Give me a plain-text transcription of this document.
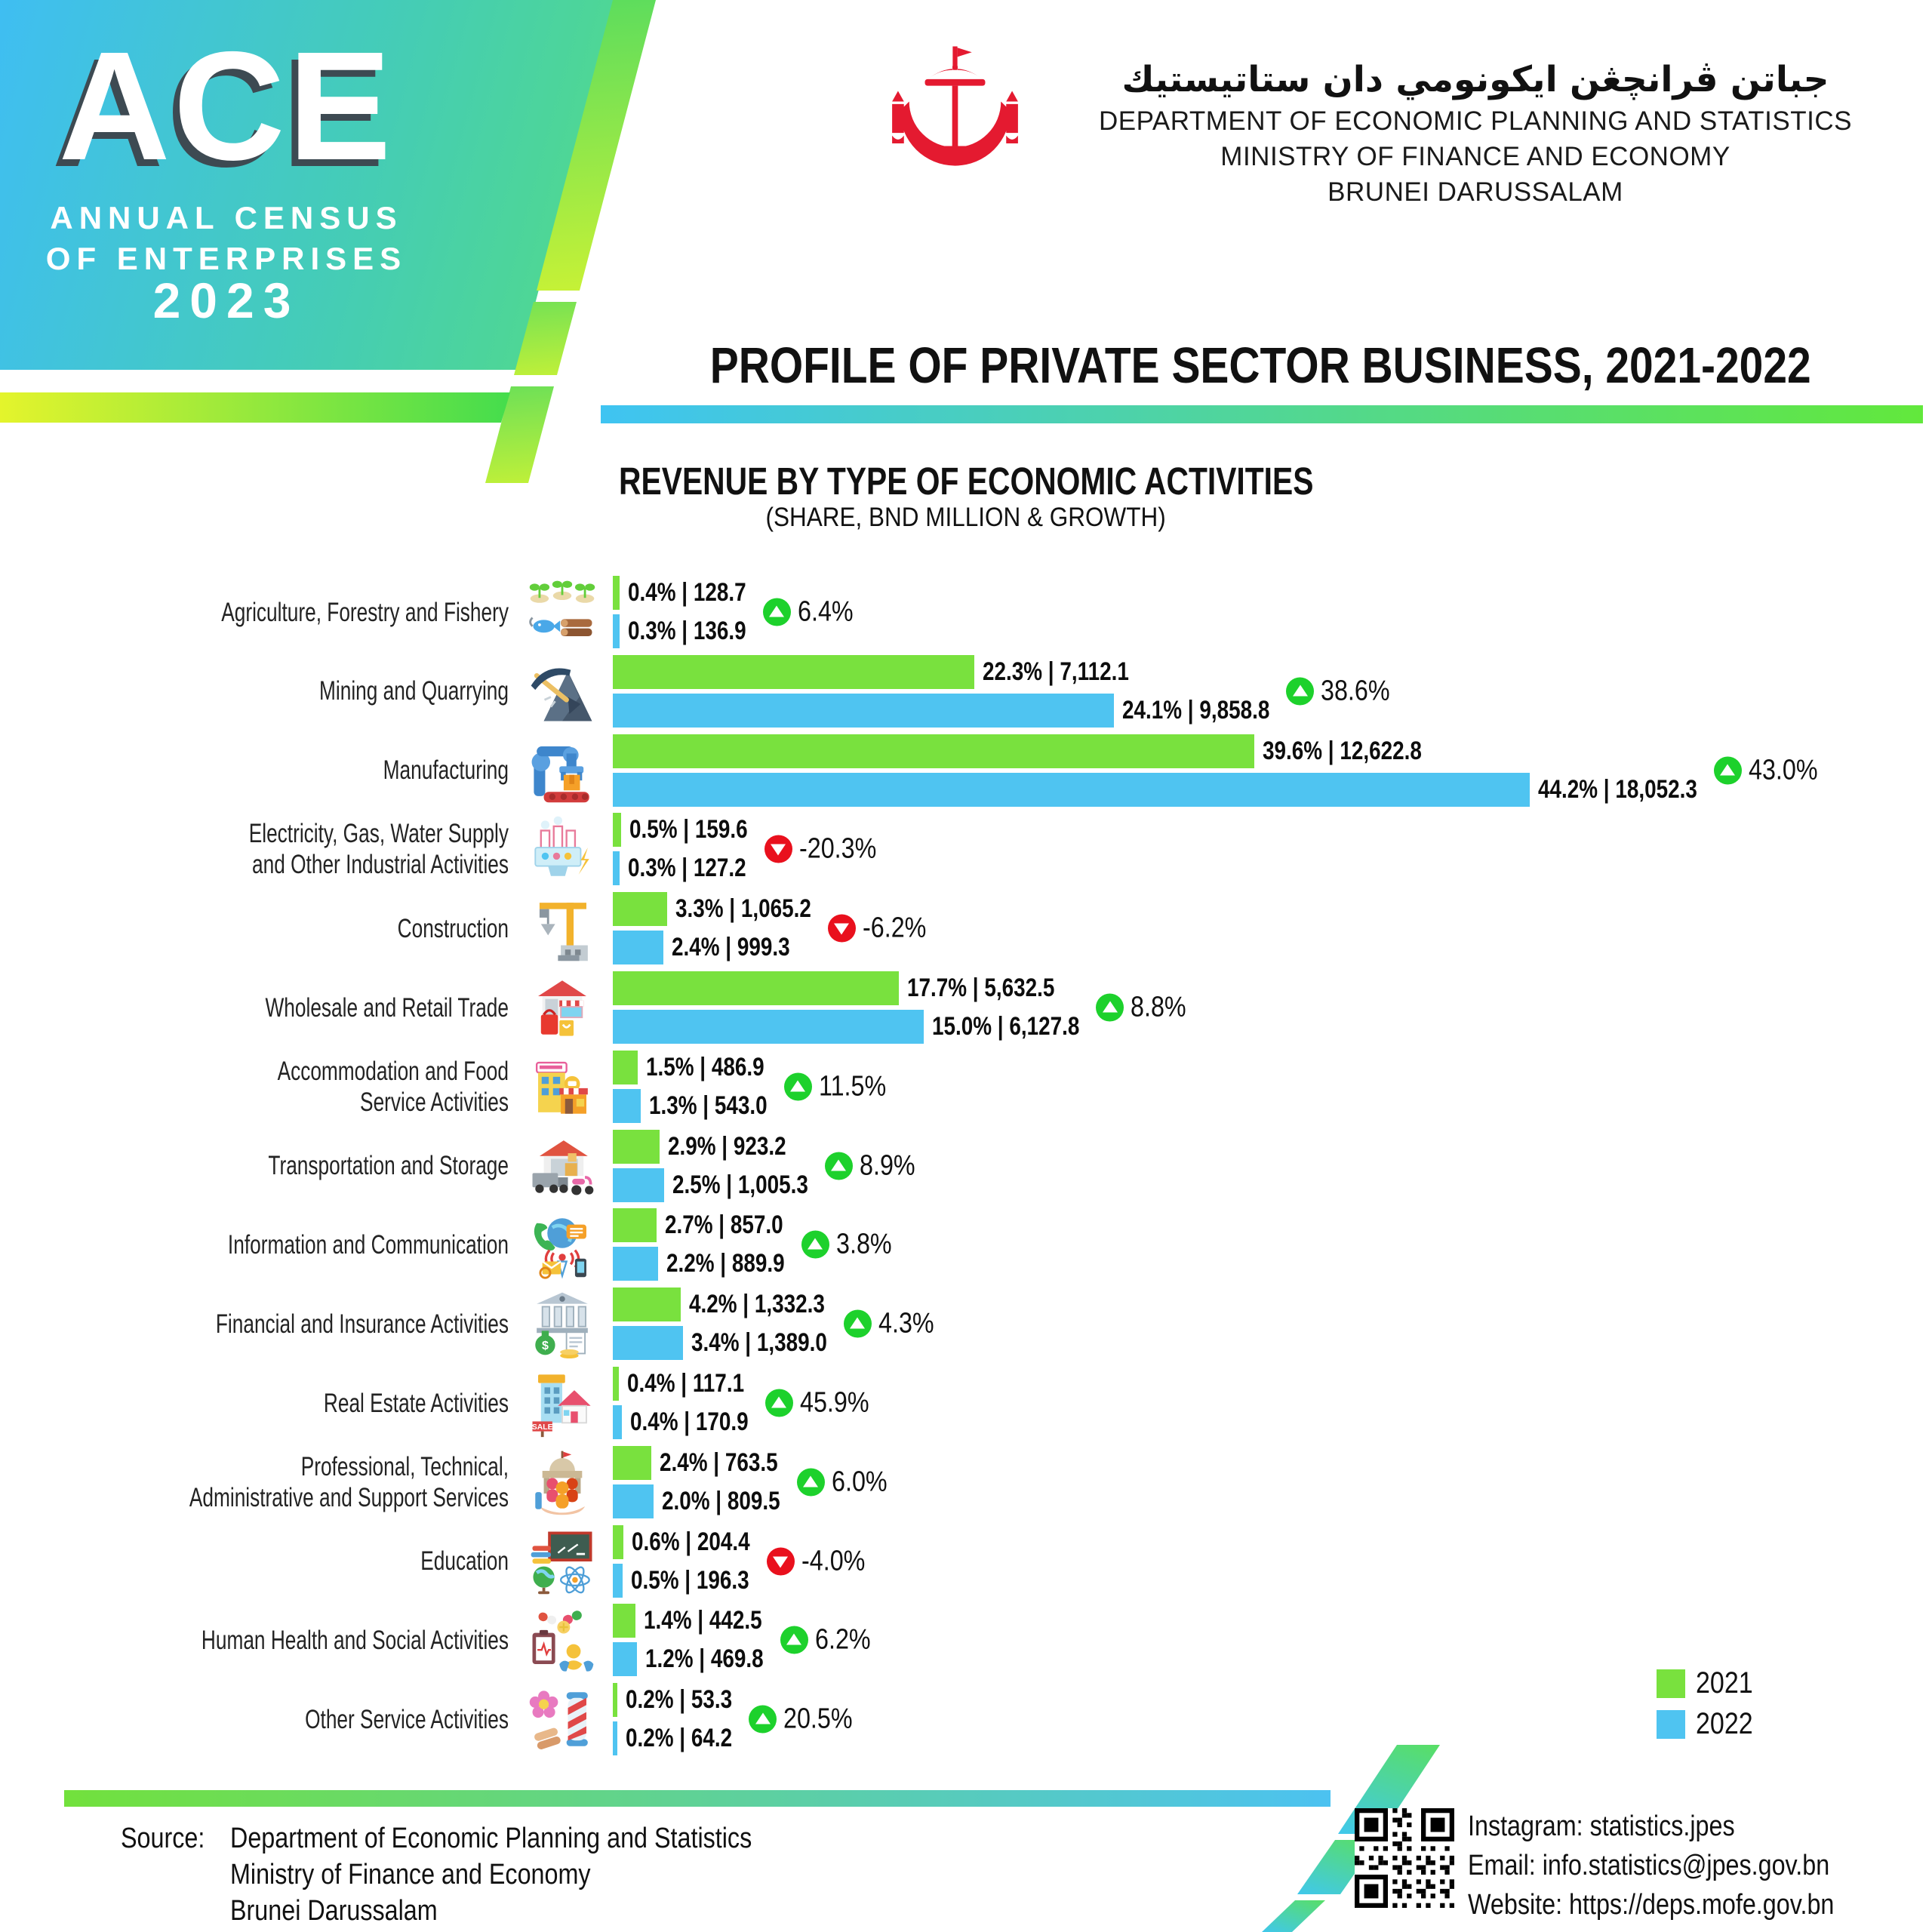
ACE
ANNUAL CENSUS
OF ENTERPRISES
2023
جباتن ڤرانچڠن ايكونومي دان ستاتيستيك
DEPARTMENT OF ECONOMIC PLANNING AND STATISTICS
MINISTRY OF FINANCE AND ECONOMY
BRUNEI DARUSSALAM
PROFILE OF PRIVATE SECTOR BUSINESS, 2021-2022
REVENUE BY TYPE OF ECONOMIC ACTIVITIES
(SHARE, BND MILLION & GROWTH)
Agriculture, Forestry and Fishery
0.4% | 128.7
0.3% | 136.9
6.4%
Mining and Quarrying
22.3% | 7,112.1
24.1% | 9,858.8
38.6%
Manufacturing
39.6% | 12,622.8
44.2% | 18,052.3
43.0%
Electricity, Gas, Water Supply
and Other Industrial Activities
0.5% | 159.6
0.3% | 127.2
-20.3%
Construction
3.3% | 1,065.2
2.4% | 999.3
-6.2%
Wholesale and Retail Trade
17.7% | 5,632.5
15.0% | 6,127.8
8.8%
Accommodation and Food
Service Activities
1.5% | 486.9
1.3% | 543.0
11.5%
Transportation and Storage
2.9% | 923.2
2.5% | 1,005.3
8.9%
Information and Communication
2.7% | 857.0
2.2% | 889.9
3.8%
Financial and Insurance Activities
$
4.2% | 1,332.3
3.4% | 1,389.0
4.3%
Real Estate Activities
SALE
0.4% | 117.1
0.4% | 170.9
45.9%
Professional, Technical,
Administrative and Support Services
2.4% | 763.5
2.0% | 809.5
6.0%
Education
0.6% | 204.4
0.5% | 196.3
-4.0%
Human Health and Social Activities
1.4% | 442.5
1.2% | 469.8
6.2%
Other Service Activities
0.2% | 53.3
0.2% | 64.2
20.5%
2021
2022
Source: Department of Economic Planning and Statistics
Ministry of Finance and Economy
Brunei Darussalam
Instagram: statistics.jpes
Email: info.statistics@jpes.gov.bn
Website: https://deps.mofe.gov.bn
